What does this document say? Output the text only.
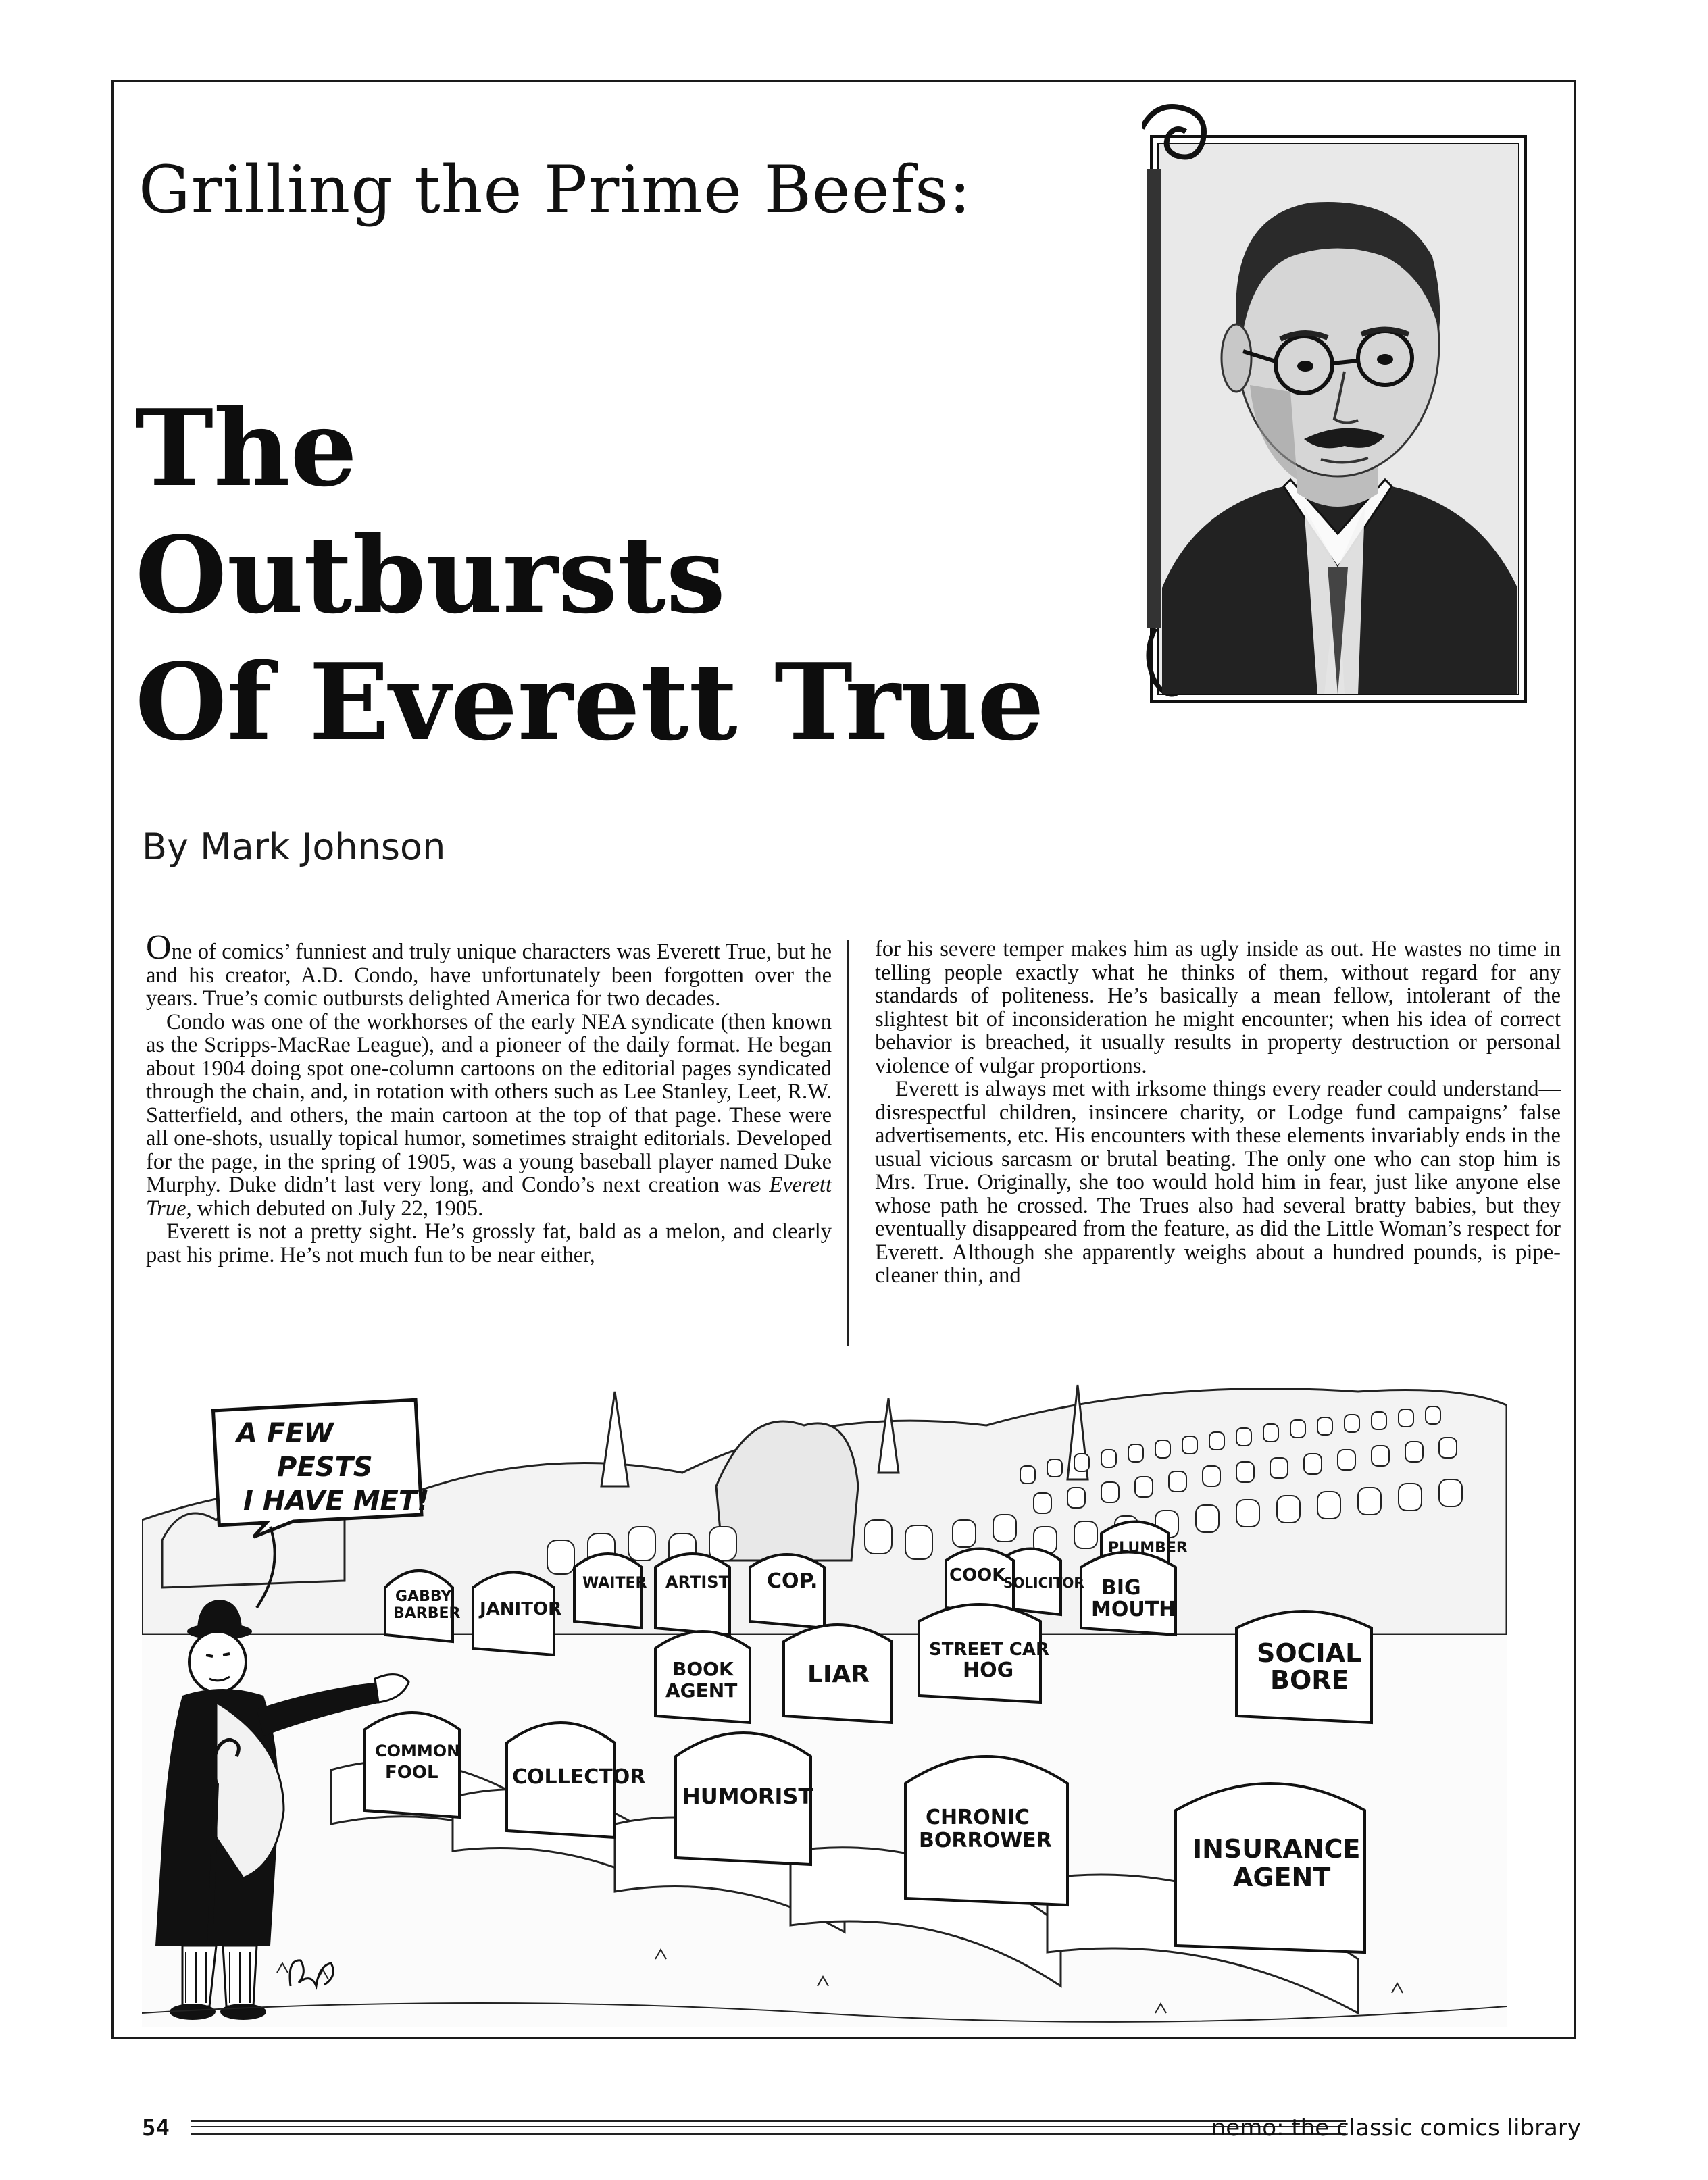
Grilling the Prime Beefs:
The
Outbursts
Of Everett True
By Mark Johnson

One of comics’ funniest and truly unique characters was Everett True, but he and his creator, A.D. Condo, have unfortunately been forgotten over the years. True’s comic outbursts delighted America for two decades.

Condo was one of the workhorses of the early NEA syndicate (then known as the Scripps-MacRae League), and a pioneer of the daily format. He began about 1904 doing spot one-column cartoons on the editorial pages syndicated through the chain, and, in rotation with others such as Lee Stanley, Leet, R.W. Satterfield, and others, the main cartoon at the top of that page. These were all one-shots, usually topical humor, sometimes straight editorials. Developed for the page, in the spring of 1905, was a young baseball player named Duke Murphy. Duke didn’t last very long, and Condo’s next creation was Everett True, which debuted on July 22, 1905.

Everett is not a pretty sight. He’s grossly fat, bald as a melon, and clearly past his prime. He’s not much fun to be near either,

for his severe temper makes him as ugly inside as out. He wastes no time in telling people exactly what he thinks of them, without regard for any standards of politeness. He’s basically a mean fellow, intolerant of the slightest bit of inconsideration he might encounter; when his idea of correct behavior is breached, it usually results in property destruction or personal violence of vulgar proportions.

Everett is always met with irksome things every reader could understand—disrespectful children, insincere charity, or Lodge fund campaigns’ false advertisements, etc. His encounters with these elements invariably ends in the usual vicious sarcasm or brutal beating. The only one who can stop him is Mrs. True. Originally, she too would hold him in fear, just like anyone else whose path he crossed. The Trues also had several bratty babies, but they eventually disappeared from the feature, as did the Little Woman’s respect for Everett. Although she apparently weighs about a hundred pounds, is pipe-cleaner thin, and

GABBY
BARBER JANITOR
WAITER ARTIST COP.	COOK
PLUMBER
SOLICITOR BIG
MOUTH
BOOK
AGENT
LIAR
STREET CAR
HOG
SOCIAL
BORE
COMMON
FOOL	COLLECTOR
HUMORIST
CHRONIC
BORROWER	INSURANCE
AGENT
A FEW
PESTS
I HAVE MET!
54	nemo: the classic comics library
